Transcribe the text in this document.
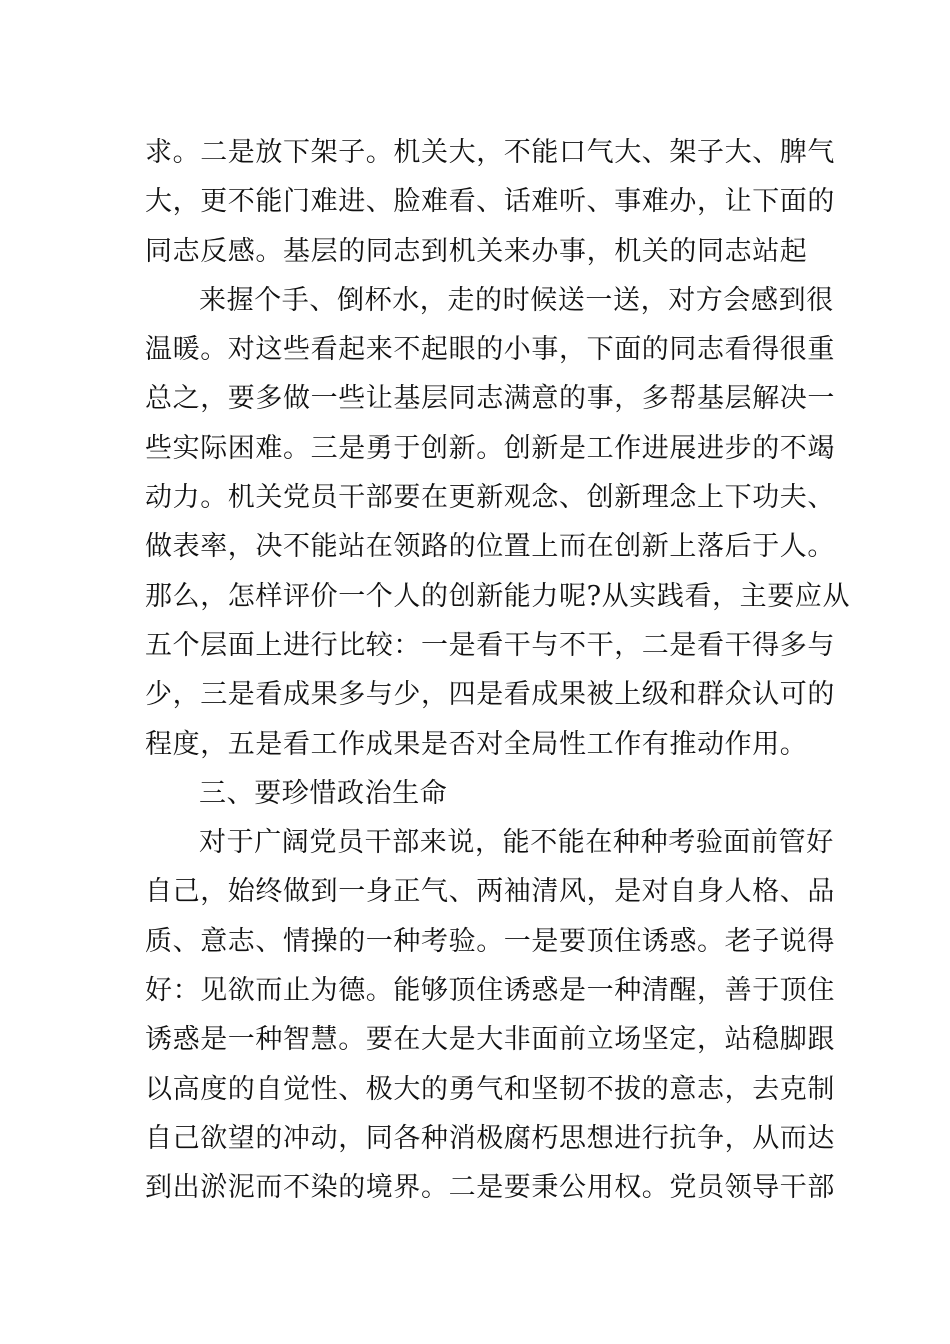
求。二是放下架子。机关大，不能口气大、架子大、脾气
大，更不能门难进、脸难看、话难听、事难办，让下面的
同志反感。基层的同志到机关来办事，机关的同志站起
来握个手、倒杯水，走的时候送一送，对方会感到很
温暖。对这些看起来不起眼的小事，下面的同志看得很重
总之，要多做一些让基层同志满意的事，多帮基层解决一
些实际困难。三是勇于创新。创新是工作进展进步的不竭
动力。机关党员干部要在更新观念、创新理念上下功夫、
做表率，决不能站在领路的位置上而在创新上落后于人。
那么，怎样评价一个人的创新能力呢?从实践看，主要应从
五个层面上进行比较：一是看干与不干，二是看干得多与
少，三是看成果多与少，四是看成果被上级和群众认可的
程度，五是看工作成果是否对全局性工作有推动作用。
三、要珍惜政治生命
对于广阔党员干部来说，能不能在种种考验面前管好
自己，始终做到一身正气、两袖清风，是对自身人格、品
质、意志、情操的一种考验。一是要顶住诱惑。老子说得
好：见欲而止为德。能够顶住诱惑是一种清醒，善于顶住
诱惑是一种智慧。要在大是大非面前立场坚定，站稳脚跟
以高度的自觉性、极大的勇气和坚韧不拔的意志，去克制
自己欲望的冲动，同各种消极腐朽思想进行抗争，从而达
到出淤泥而不染的境界。二是要秉公用权。党员领导干部
